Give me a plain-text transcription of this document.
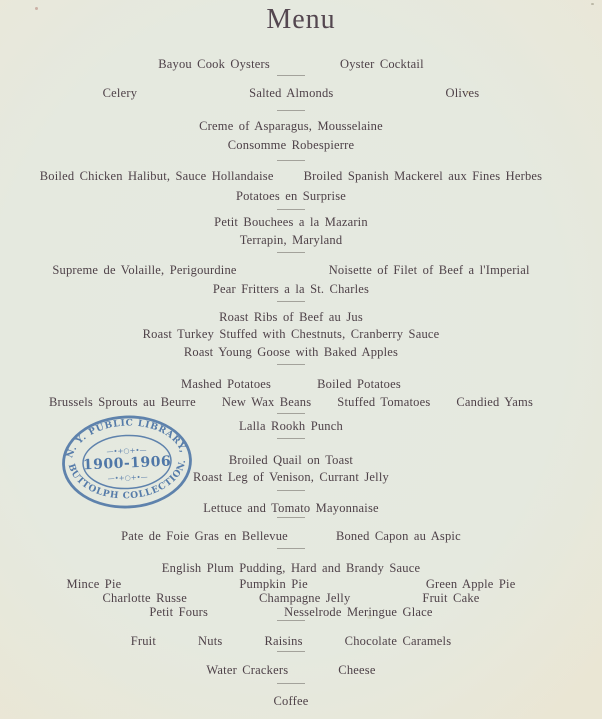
Menu
Bayou Cook Oysters	Oyster Cocktail
Celery	Salted Almonds	Olives
Creme of Asparagus, Mousselaine
Consomme Robespierre
Boiled Chicken Halibut, Sauce Hollandaise Broiled Spanish Mackerel aux Fines Herbes
Potatoes en Surprise
Petit Bouchees a la Mazarin
Terrapin, Maryland
Supreme de Volaille, Perigourdine	Noisette of Filet of Beef a l'Imperial
Pear Fritters a la St. Charles
Roast Ribs of Beef au Jus
Roast Turkey Stuffed with Chestnuts, Cranberry Sauce
Roast Young Goose with Baked Apples
Mashed Potatoes	Boiled Potatoes
Brussels Sprouts au Beurre New Wax Beans Stuffed Tomatoes Candied Yams
Lalla Rookh Punch
Broiled Quail on Toast
Roast Leg of Venison, Currant Jelly
Lettuce and Tomato Mayonnaise
Pate de Foie Gras en Bellevue	Boned Capon au Aspic
English Plum Pudding, Hard and Brandy Sauce
Mince Pie	Pumpkin Pie	Green Apple Pie
Charlotte Russe	Champagne Jelly	Fruit Cake
Petit Fours	Nesselrode Meringue Glace
Fruit	Nuts	Raisins	Chocolate Caramels
Water Crackers	Cheese
Coffee
N. Y. PUBLIC LIBRARY,
BUTTOLPH COLLECTION.
—•+○+•—
1900-1906
—•+○+•—
